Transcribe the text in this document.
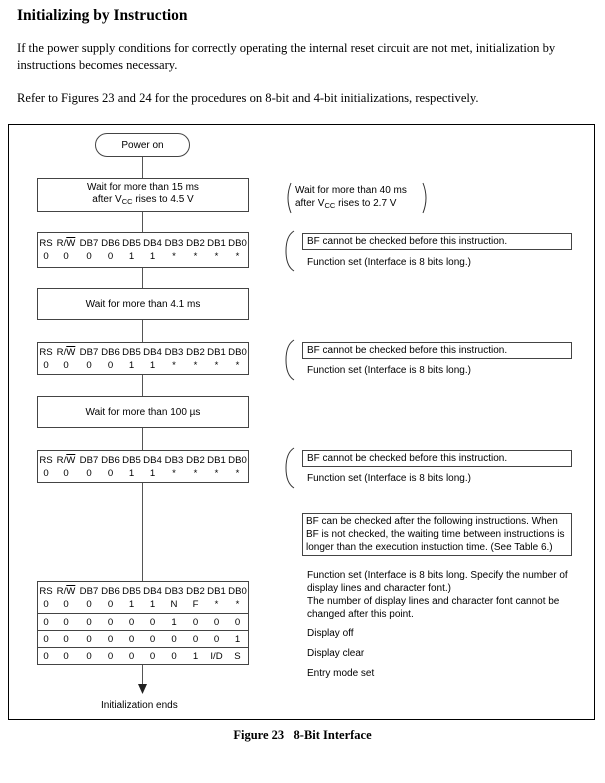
Initializing by Instruction

If the power supply conditions for correctly operating the internal reset circuit are not met, initialization by instructions becomes necessary.

Refer to Figures 23 and 24 for the procedures on 8-bit and 4-bit initializations, respectively.

Power on
Wait for more than 15 ms
after $V_{CC}$ rises to 4.5 V
RS $R/\overline{W}$ DB7 DB6 DB5 DB4 DB3 DB2 DB1 DB0
0	0	0	0	1	1	*	*	*	*
Wait for more than 4.1 ms
RS $R/\overline{W}$ DB7 DB6 DB5 DB4 DB3 DB2 DB1 DB0
0	0	0	0	1	1	*	*	*	*
Wait for more than 100 µs
RS $R/\overline{W}$ DB7 DB6 DB5 DB4 DB3 DB2 DB1 DB0
0	0	0	0	1	1	*	*	*	*
RS $R/\overline{W}$ DB7 DB6 DB5 DB4 DB3 DB2 DB1 DB0
0	0	0	0	1	1	N	F	*	*
0	0	0	0	0	0	1	0	0	0
0	0	0	0	0	0	0	0	0	1
0	0	0	0	0	0	0	1	I/D	S
Initialization ends
Wait for more than 40 ms
after $V_{CC}$ rises to 2.7 V
BF cannot be checked before this instruction.
Function set (Interface is 8 bits long.)
BF cannot be checked before this instruction.
Function set (Interface is 8 bits long.)
BF cannot be checked before this instruction.
Function set (Interface is 8 bits long.)
BF can be checked after the following instructions. When BF is not checked, the waiting time between instructions is longer than the execution instuction time. (See Table 6.)
Function set (Interface is 8 bits long. Specify the number of display lines and character font.)
The number of display lines and character font cannot be changed after this point.
Display off
Display clear
Entry mode set
Figure 23   8-Bit Interface
